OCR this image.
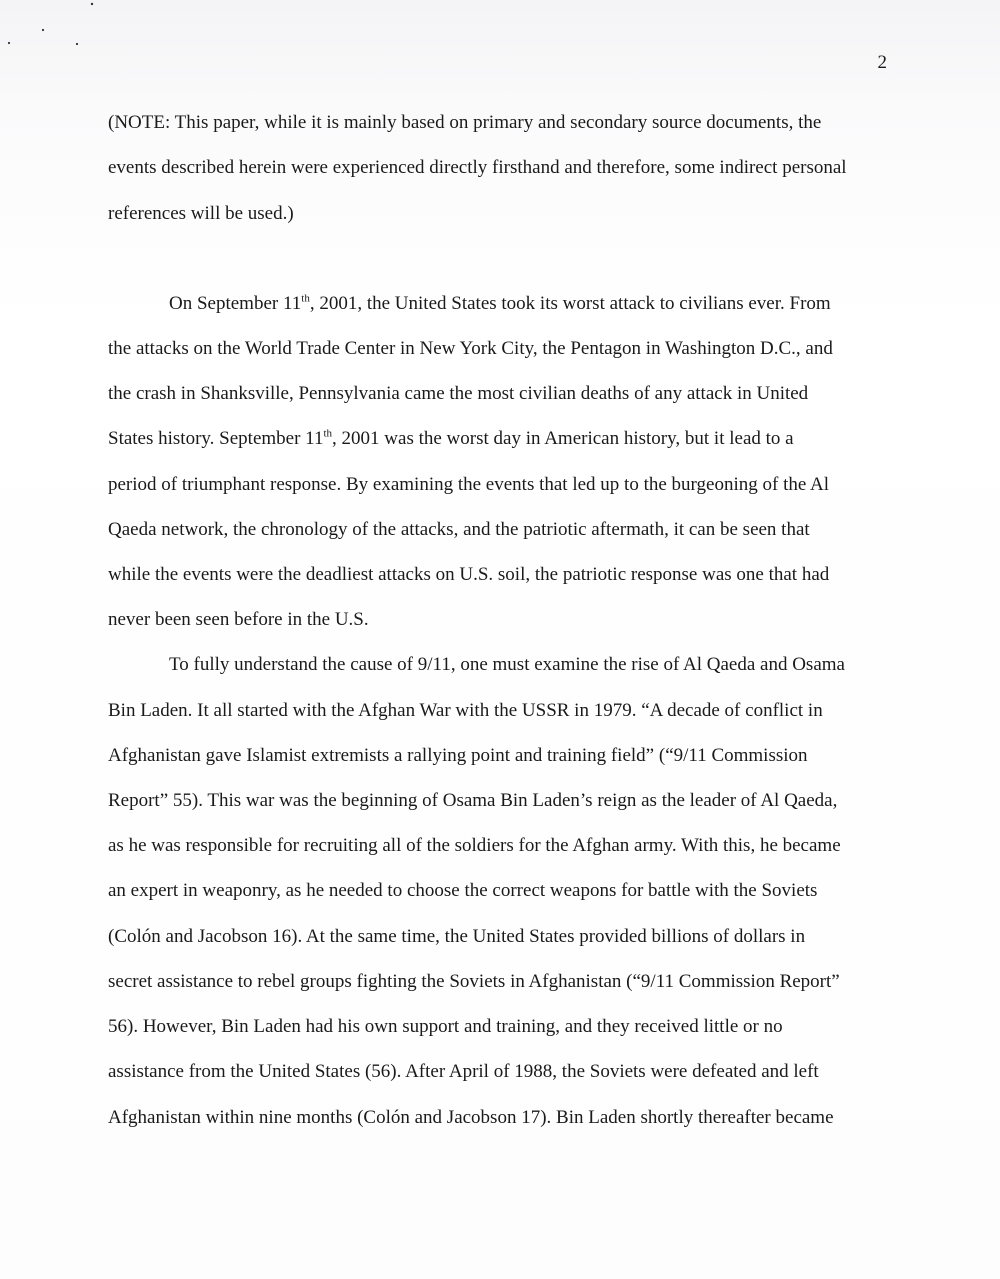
2
(NOTE: This paper, while it is mainly based on primary and secondary source documents, the
events described herein were experienced directly firsthand and therefore, some indirect personal
references will be used.)
On September 11th, 2001, the United States took its worst attack to civilians ever. From
the attacks on the World Trade Center in New York City, the Pentagon in Washington D.C., and
the crash in Shanksville, Pennsylvania came the most civilian deaths of any attack in United
States history. September 11th, 2001 was the worst day in American history, but it lead to a
period of triumphant response. By examining the events that led up to the burgeoning of the Al
Qaeda network, the chronology of the attacks, and the patriotic aftermath, it can be seen that
while the events were the deadliest attacks on U.S. soil, the patriotic response was one that had
never been seen before in the U.S.
To fully understand the cause of 9/11, one must examine the rise of Al Qaeda and Osama
Bin Laden. It all started with the Afghan War with the USSR in 1979. “A decade of conflict in
Afghanistan gave Islamist extremists a rallying point and training field” (“9/11 Commission
Report” 55). This war was the beginning of Osama Bin Laden’s reign as the leader of Al Qaeda,
as he was responsible for recruiting all of the soldiers for the Afghan army. With this, he became
an expert in weaponry, as he needed to choose the correct weapons for battle with the Soviets
(Colón and Jacobson 16). At the same time, the United States provided billions of dollars in
secret assistance to rebel groups fighting the Soviets in Afghanistan (“9/11 Commission Report”
56). However, Bin Laden had his own support and training, and they received little or no
assistance from the United States (56). After April of 1988, the Soviets were defeated and left
Afghanistan within nine months (Colón and Jacobson 17). Bin Laden shortly thereafter became
